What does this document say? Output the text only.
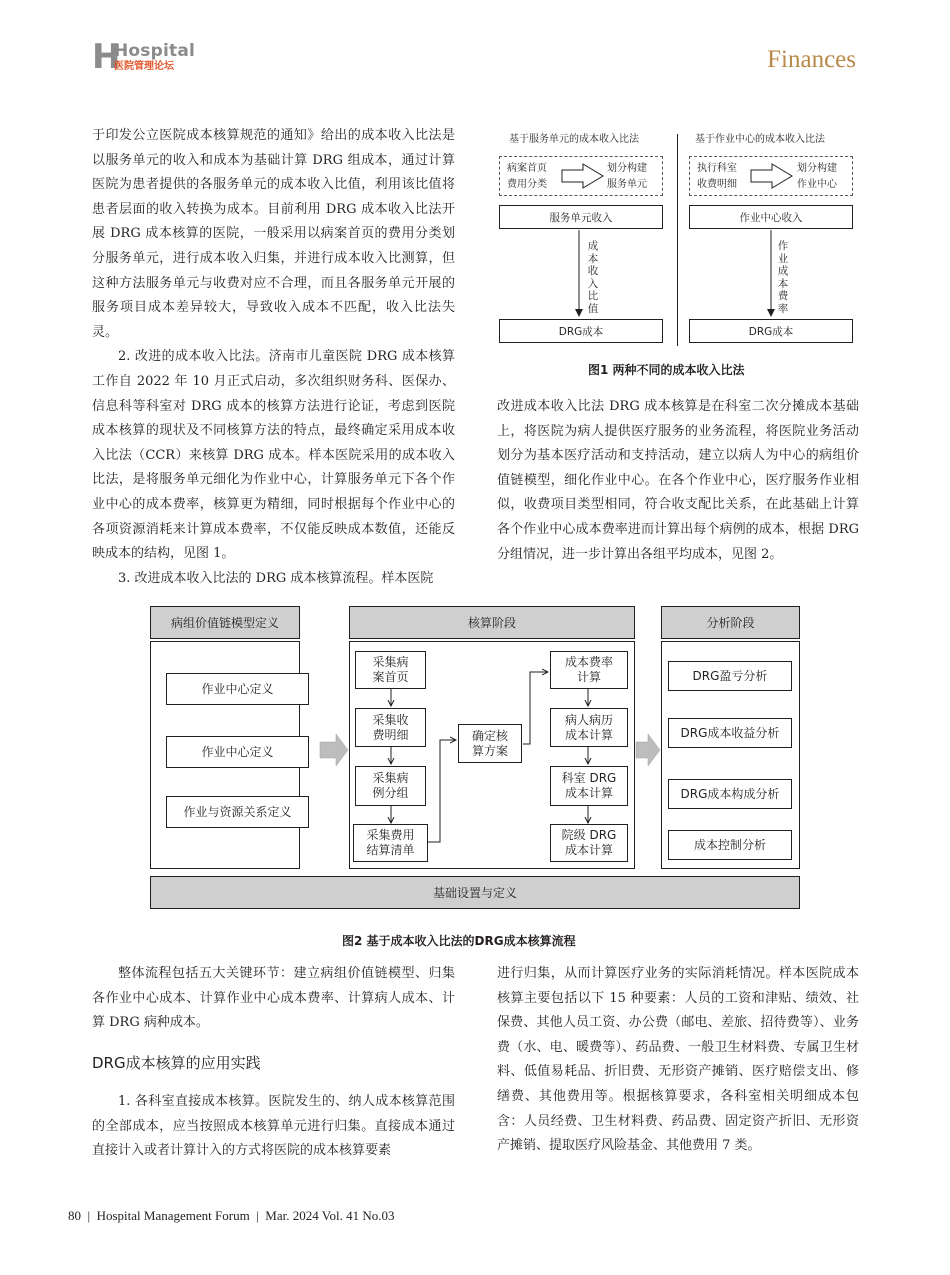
H
Hospital
医院管理论坛	Finances

于印发公立医院成本核算规范的通知》给出的成本收入比法是以服务单元的收入和成本为基础计算 DRG 组成本，通过计算医院为患者提供的各服务单元的成本收入比值，利用该比值将患者层面的收入转换为成本。目前利用 DRG 成本收入比法开展 DRG 成本核算的医院，一般采用以病案首页的费用分类划分服务单元，进行成本收入归集，并进行成本收入比测算，但这种方法服务单元与收费对应不合理，而且各服务单元开展的服务项目成本差异较大，导致收入成本不匹配，收入比法失灵。

2. 改进的成本收入比法。济南市儿童医院 DRG 成本核算工作自 2022 年 10 月正式启动，多次组织财务科、医保办、信息科等科室对 DRG 成本的核算方法进行论证，考虑到医院成本核算的现状及不同核算方法的特点，最终确定采用成本收入比法（CCR）来核算 DRG 成本。样本医院采用的成本收入比法，是将服务单元细化为作业中心，计算服务单元下各个作业中心的成本费率，核算更为精细，同时根据每个作业中心的各项资源消耗来计算成本费率，不仅能反映成本数值，还能反映成本的结构，见图 1。

3. 改进成本收入比法的 DRG 成本核算流程。样本医院

基于服务单元的成本收入比法	基于作业中心的成本收入比法
病案首页
费用分类
划分构建
服务单元
执行科室
收费明细
划分构建
作业中心
服务单元收入	作业中心收入
成本收入比值
作业成本费率
DRG成本	DRG成本
图1 两种不同的成本收入比法

改进成本收入比法 DRG 成本核算是在科室二次分摊成本基础上，将医院为病人提供医疗服务的业务流程，将医院业务活动划分为基本医疗活动和支持活动，建立以病人为中心的病组价值链模型，细化作业中心。在各个作业中心，医疗服务作业相似，收费项目类型相同，符合收支配比关系，在此基础上计算各个作业中心成本费率进而计算出每个病例的成本，根据 DRG 分组情况，进一步计算出各组平均成本，见图 2。

病组价值链模型定义
作业中心定义
作业中心定义
作业与资源关系定义
核算阶段	分析阶段
DRG盈亏分析
DRG成本收益分析
DRG成本构成分析
成本控制分析
采集病
案首页
采集收
费明细
采集病
例分组
采集费用
结算清单
确定核
算方案
成本费率
计算
病人病历
成本计算
科室 DRG
成本计算
院级 DRG
成本计算
基础设置与定义
图2 基于成本收入比法的DRG成本核算流程

整体流程包括五大关键环节：建立病组价值链模型、归集各作业中心成本、计算作业中心成本费率、计算病人成本、计算 DRG 病种成本。

DRG成本核算的应用实践

1. 各科室直接成本核算。医院发生的、纳人成本核算范围的全部成本，应当按照成本核算单元进行归集。直接成本通过直接计入或者计算计入的方式将医院的成本核算要素

进行归集，从而计算医疗业务的实际消耗情况。样本医院成本核算主要包括以下 15 种要素：人员的工资和津贴、绩效、社保费、其他人员工资、办公费（邮电、差旅、招待费等）、业务费（水、电、暖费等）、药品费、一般卫生材料费、专属卫生材料、低值易耗品、折旧费、无形资产摊销、医疗赔偿支出、修缮费、其他费用等。根据核算要求，各科室相关明细成本包含：人员经费、卫生材料费、药品费、固定资产折旧、无形资产摊销、提取医疗风险基金、其他费用 7 类。

80  |  Hospital Management Forum  |  Mar. 2024 Vol. 41 No.03
